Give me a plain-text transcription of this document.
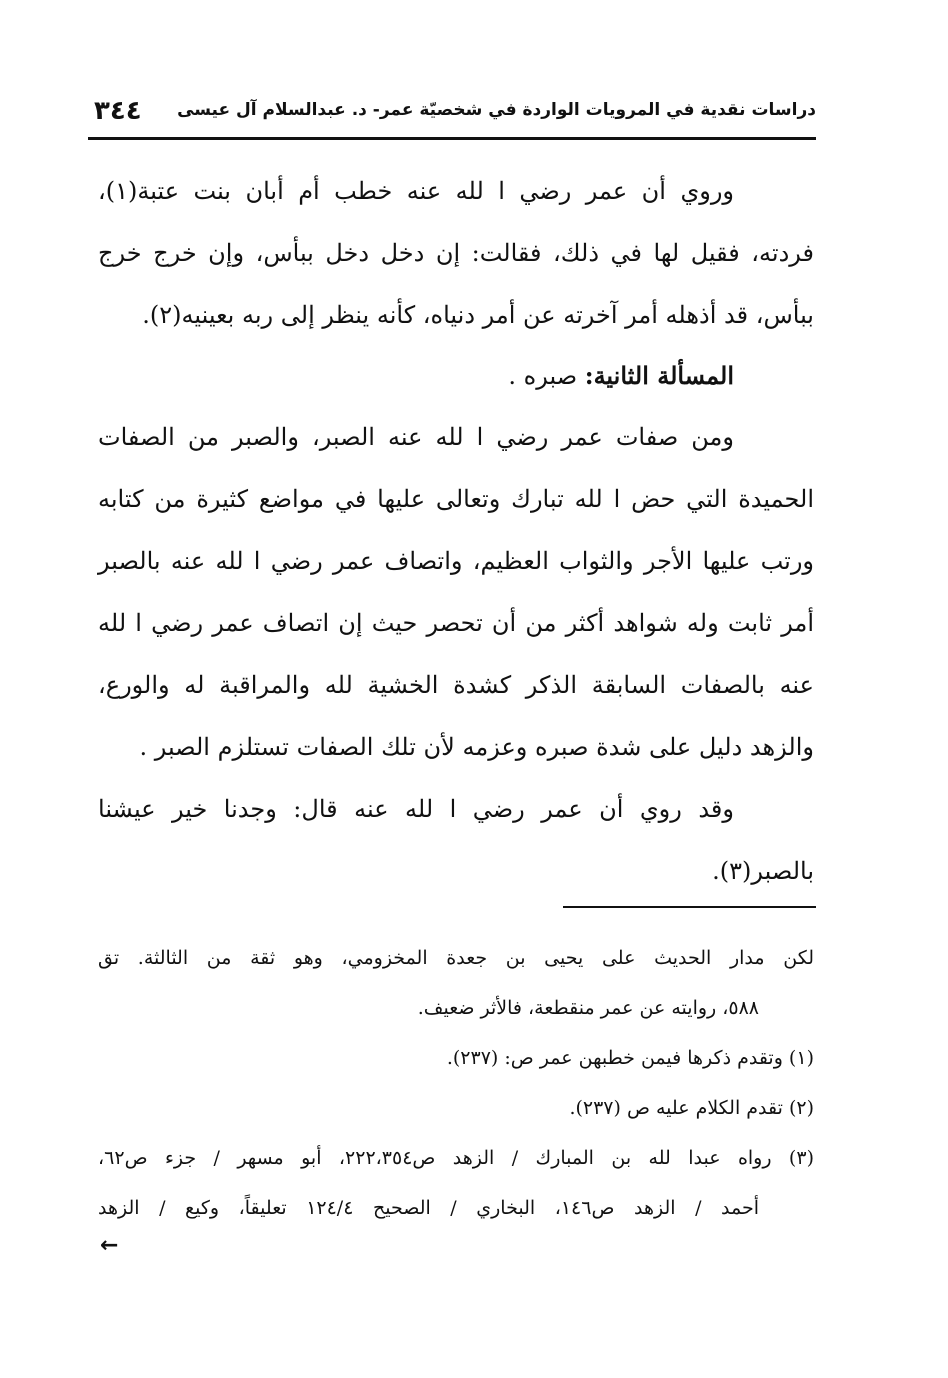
دراسات نقدية في المرويات الواردة في شخصيّة عمر- د. عبدالسلام آل عيسى
٣٤٤
وروي أن عمر رضي ا لله عنه خطب أم أبان بنت عتبة(١)،
فردته، فقيل لها في ذلك، فقالت: إن دخل دخل ببأس، وإن خرج خرج
ببأس، قد أذهله أمر آخرته عن أمر دنياه، كأنه ينظر إلى ربه بعينيه(٢).
المسألة الثانية: صبره .
ومن صفات عمر رضي ا لله عنه الصبر، والصبر من الصفات
الحميدة التي حض ا لله تبارك وتعالى عليها في مواضع كثيرة من كتابه
ورتب عليها الأجر والثواب العظيم، واتصاف عمر رضي ا لله عنه بالصبر
أمر ثابت وله شواهد أكثر من أن تحصر حيث إن اتصاف عمر رضي ا لله
عنه بالصفات السابقة الذكر كشدة الخشية لله والمراقبة له والورع،
والزهد دليل على شدة صبره وعزمه لأن تلك الصفات تستلزم الصبر .
وقد روي أن عمر رضي ا لله عنه قال: وجدنا خير عيشنا
بالصبر(٣).
لكن مدار الحديث على يحيى بن جعدة المخزومي، وهو ثقة من الثالثة. تق
٥٨٨، روايته عن عمر منقطعة، فالأثر ضعيف.
(١) وتقدم ذكرها فيمن خطبهن عمر ص: (٢٣٧).
(٢) تقدم الكلام عليه ص (٢٣٧).
(٣) رواه عبدا لله بن المبارك / الزهد ص٢٢٢،٣٥٤، أبو مسهر / جزء ص٦٢،
أحمد / الزهد ص١٤٦، البخاري / الصحيح ١٢٤/٤ تعليقاً، وكيع / الزهد
←
